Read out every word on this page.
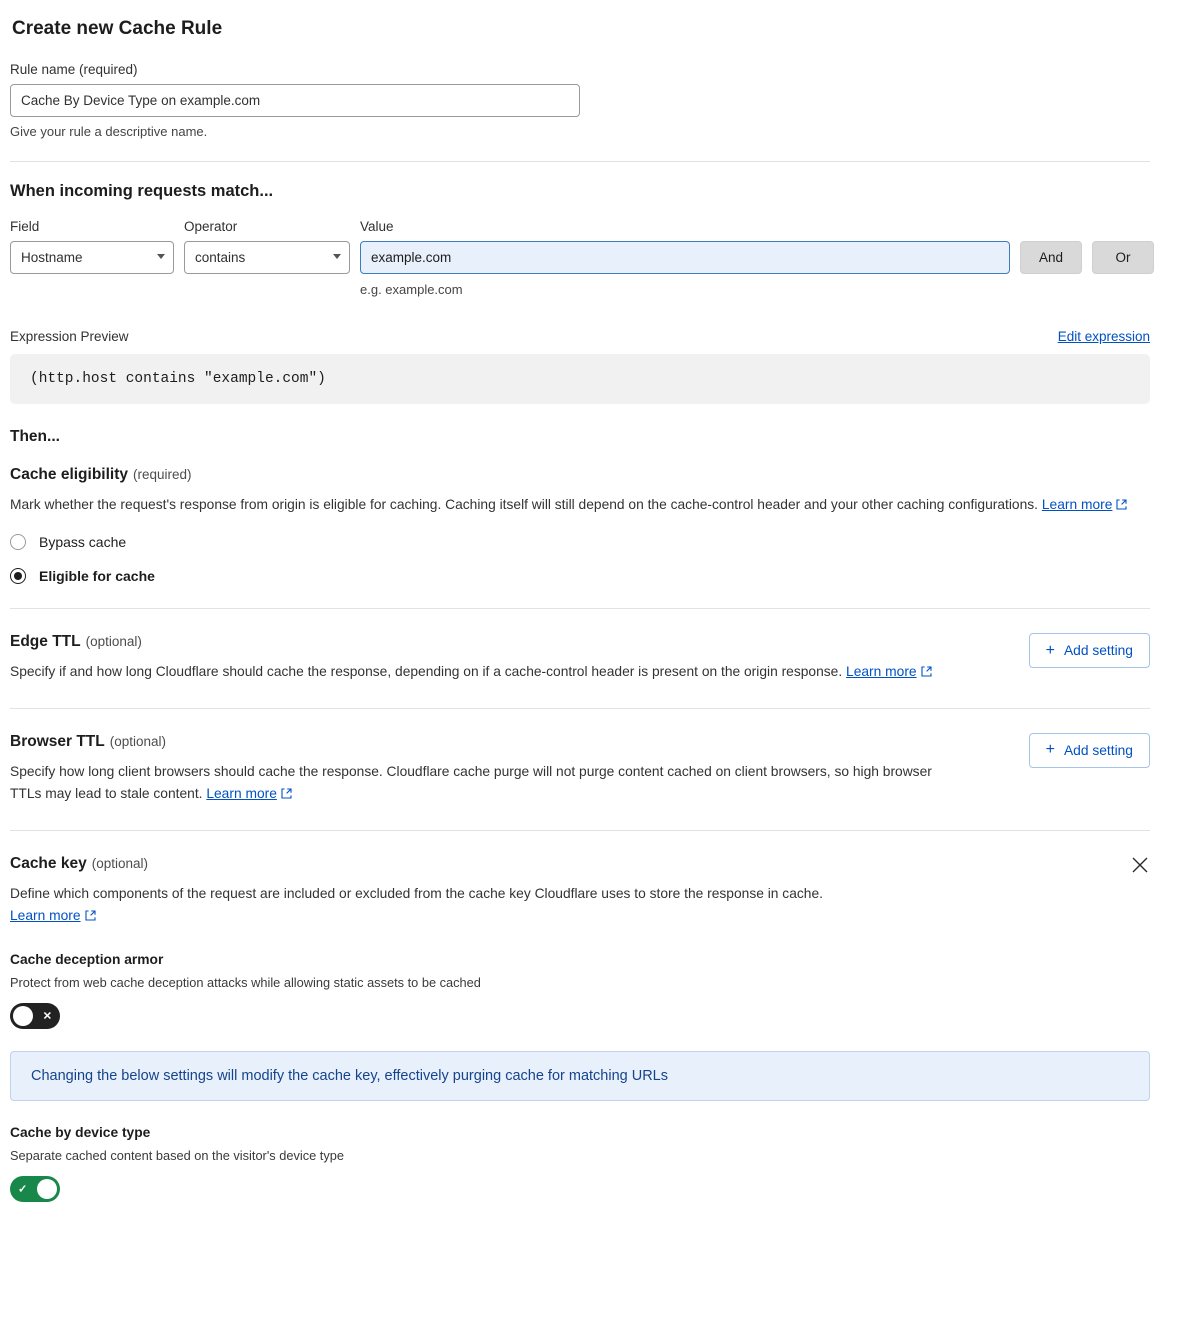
Create new Cache Rule
Rule name (required)
Cache By Device Type on example.com
Give your rule a descriptive name.
When incoming requests match...
Field
Hostname
Operator
contains
Value
example.com
e.g. example.com

And
	Or
Expression Preview	Edit expression
(http.host contains "example.com")
Then...
Cache eligibility (required)
Mark whether the request's response from origin is eligible for caching. Caching itself will still depend on the cache-control header and your other caching configurations. Learn more
Bypass cache
Eligible for cache
Edge TTL (optional)
Specify if and how long Cloudflare should cache the response, depending on if a cache-control header is present on the origin response. Learn more
+ Add setting
Browser TTL (optional)
Specify how long client browsers should cache the response. Cloudflare cache purge will not purge content cached on client browsers, so high browser TTLs may lead to stale content. Learn more
+ Add setting
Cache key (optional)
Define which components of the request are included or excluded from the cache key Cloudflare uses to store the response in cache.
Learn more
Cache deception armor
Protect from web cache deception attacks while allowing static assets to be cached
✕
Changing the below settings will modify the cache key, effectively purging cache for matching URLs
Cache by device type
Separate cached content based on the visitor's device type
✓
